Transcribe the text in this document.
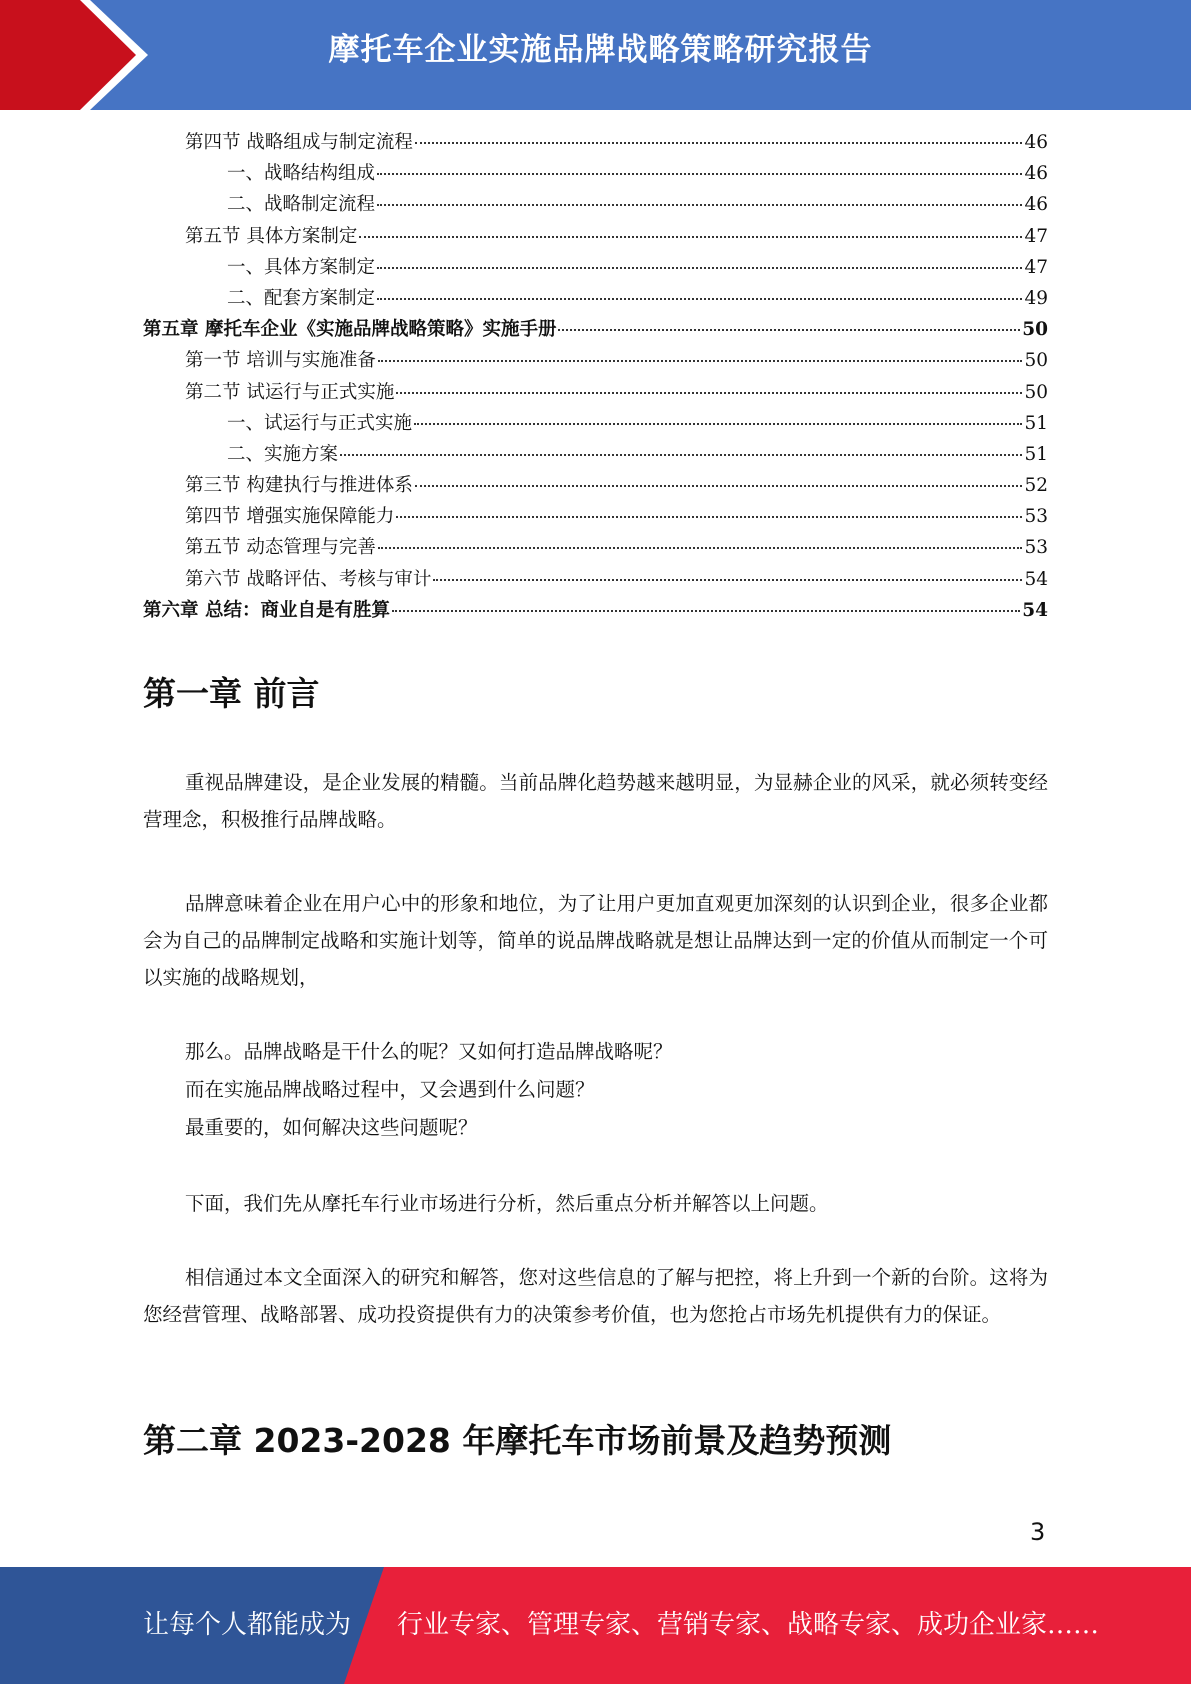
摩托车企业实施品牌战略策略研究报告
第四节 战略组成与制定流程	46
一、战略结构组成	46
二、战略制定流程	46
第五节 具体方案制定	47
一、具体方案制定	47
二、配套方案制定	49
第五章 摩托车企业《实施品牌战略策略》实施手册	50
第一节 培训与实施准备	50
第二节 试运行与正式实施	50
一、试运行与正式实施	51
二、实施方案	51
第三节 构建执行与推进体系	52
第四节 增强实施保障能力	53
第五节 动态管理与完善	53
第六节 战略评估、考核与审计	54
第六章 总结：商业自是有胜算	54
第一章 前言
重视品牌建设，是企业发展的精髓。当前品牌化趋势越来越明显，为显赫企业的风采，就必须转变经营理念，积极推行品牌战略。
品牌意味着企业在用户心中的形象和地位，为了让用户更加直观更加深刻的认识到企业，很多企业都会为自己的品牌制定战略和实施计划等，简单的说品牌战略就是想让品牌达到一定的价值从而制定一个可以实施的战略规划，
那么。品牌战略是干什么的呢？又如何打造品牌战略呢？
而在实施品牌战略过程中，又会遇到什么问题？
最重要的，如何解决这些问题呢？
下面，我们先从摩托车行业市场进行分析，然后重点分析并解答以上问题。
相信通过本文全面深入的研究和解答，您对这些信息的了解与把控，将上升到一个新的台阶。这将为您经营管理、战略部署、成功投资提供有力的决策参考价值，也为您抢占市场先机提供有力的保证。
第二章 2023-2028 年摩托车市场前景及趋势预测
3
让每个人都能成为 行业专家、管理专家、营销专家、战略专家、成功企业家……
